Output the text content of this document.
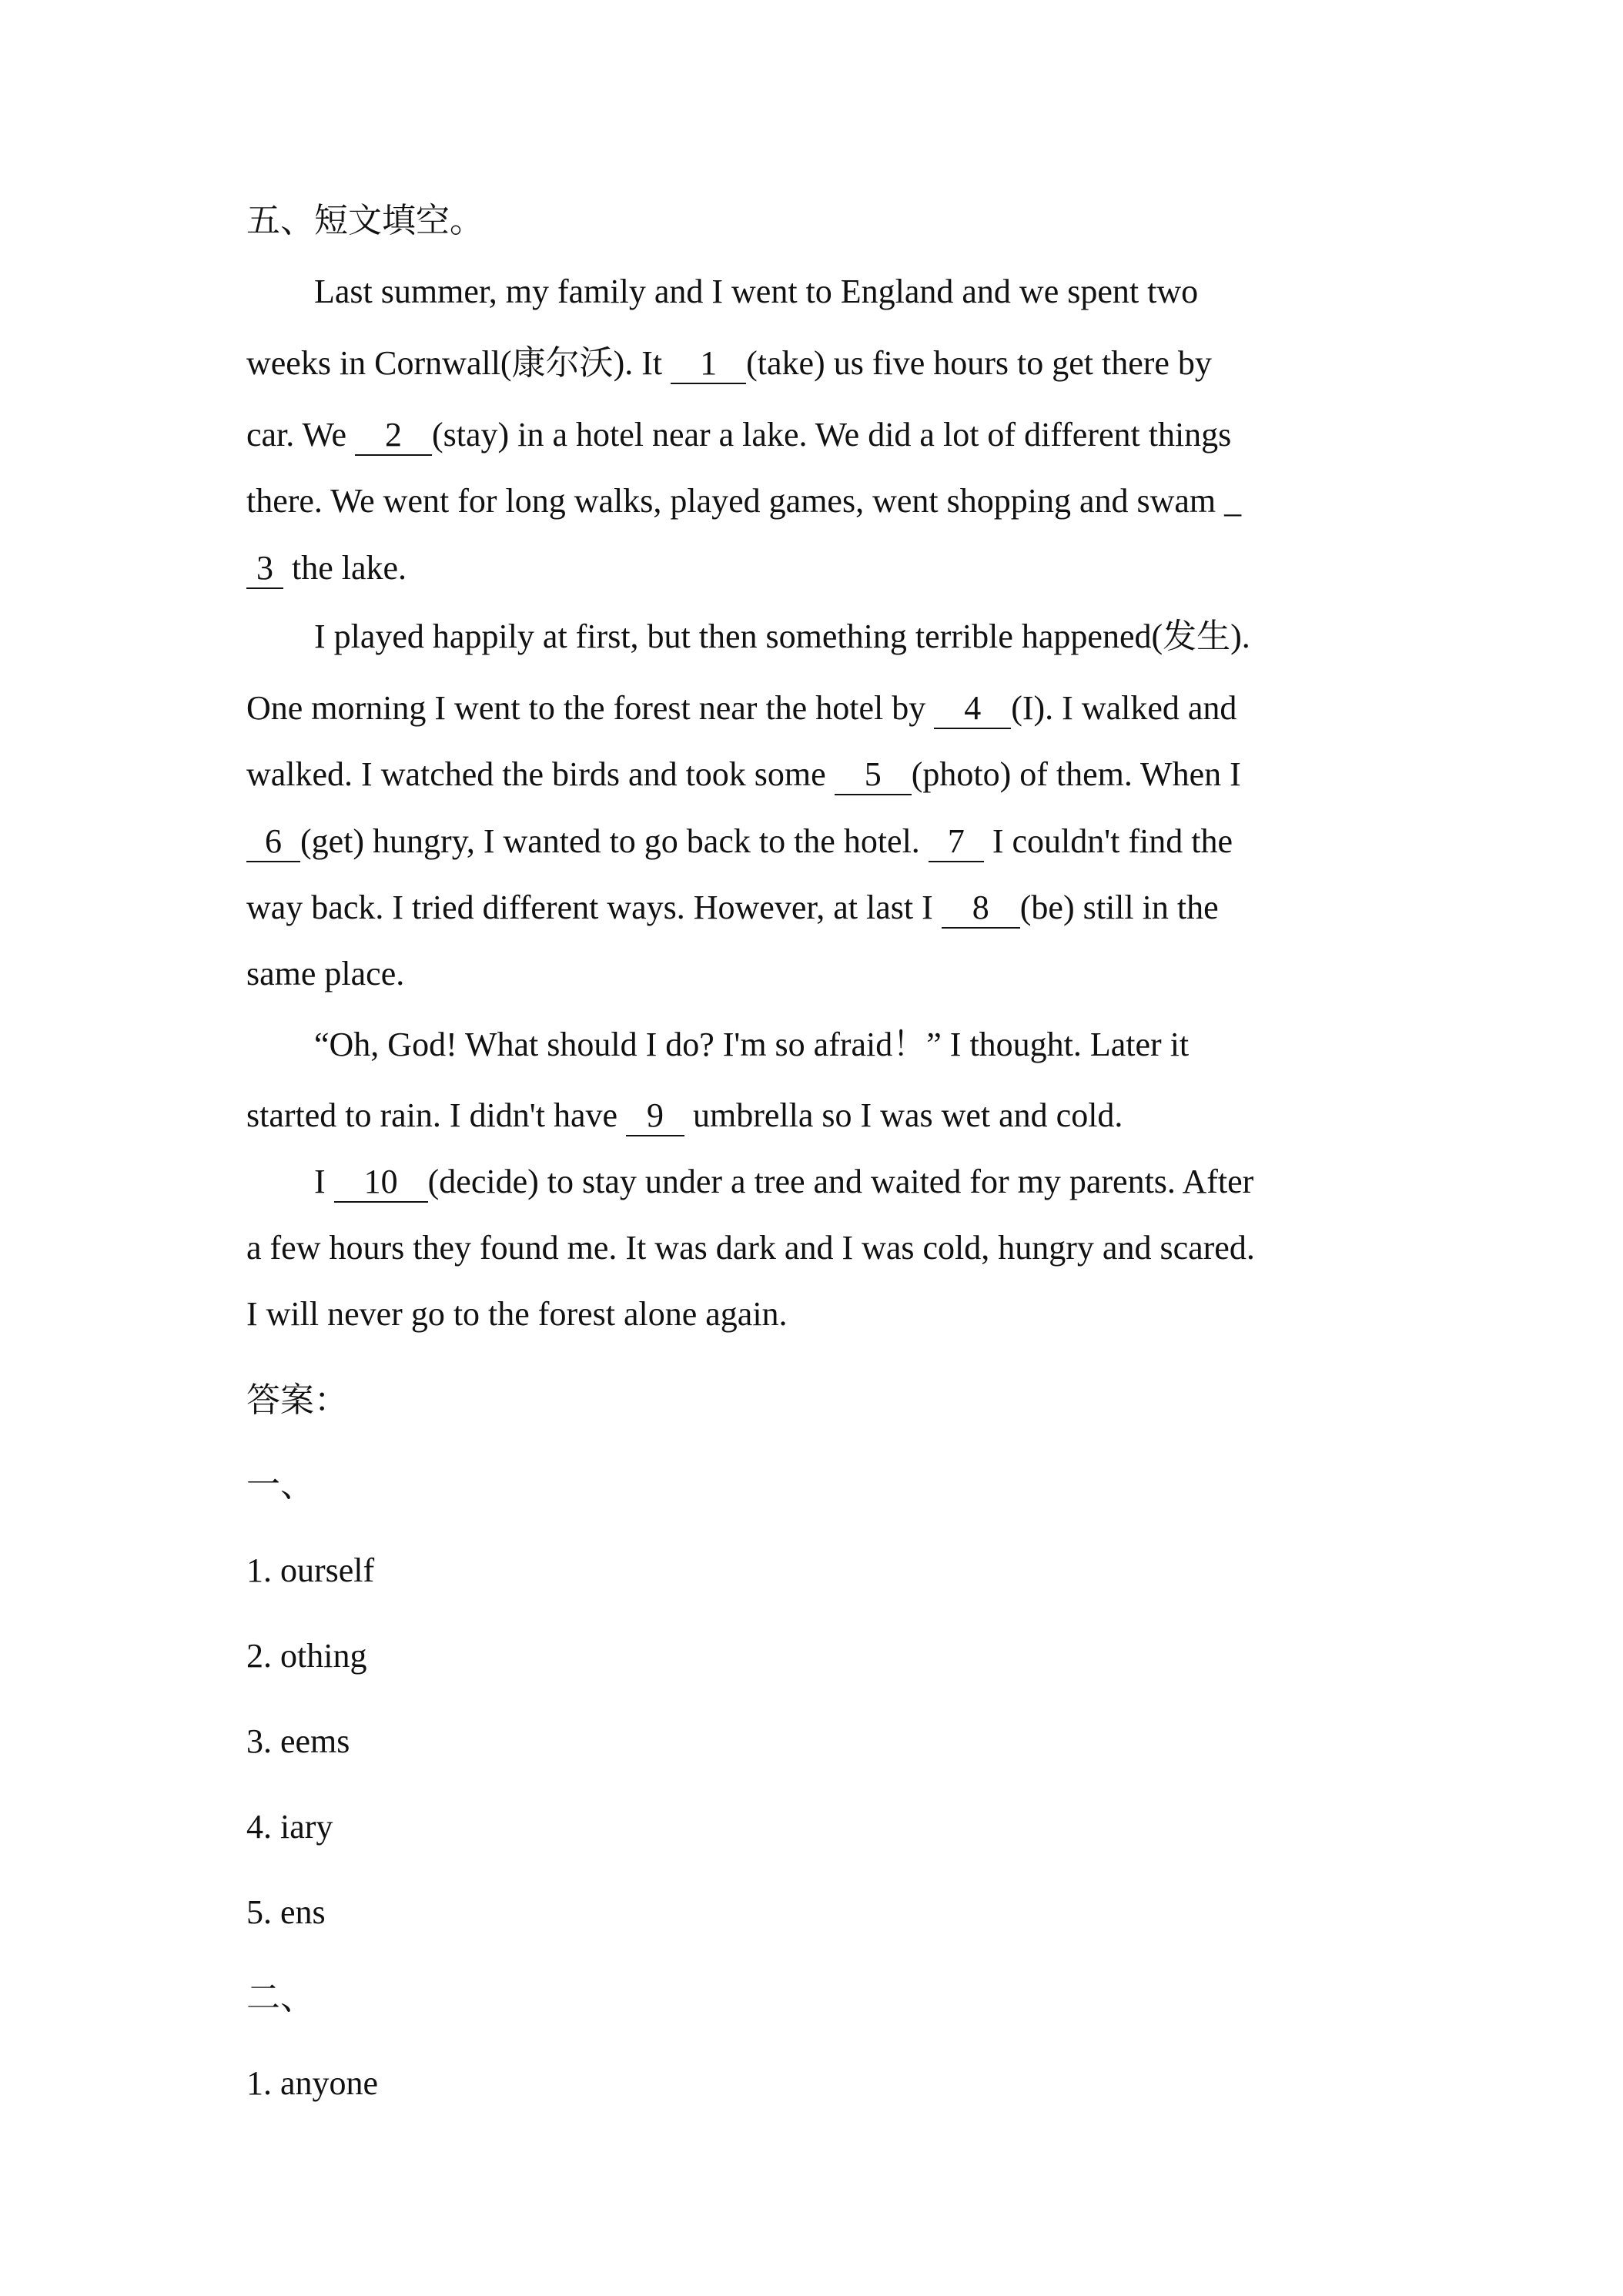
五、短文填空。

Last summer, my family and I went to England and we spent two

weeks in Cornwall(康尔沃). It 1 (take) us five hours to get there by

car. We 2 (stay) in a hotel near a lake. We did a lot of different things

there. We went for long walks, played games, went shopping and swam _

3 the lake.

I played happily at first, but then something terrible happened(发生).

One morning I went to the forest near the hotel by 4 (I). I walked and

walked. I watched the birds and took some 5 (photo) of them. When I

6 (get) hungry, I wanted to go back to the hotel. 7 I couldn't find the

way back. I tried different ways. However, at last I 8 (be) still in the

same place.

“Oh, God! What should I do? I'm so afraid！” I thought. Later it

started to rain. I didn't have 9 umbrella so I was wet and cold.

I 10 (decide) to stay under a tree and waited for my parents. After

a few hours they found me. It was dark and I was cold, hungry and scared.

I will never go to the forest alone again.

答案：

一、

1. ourself

2. othing

3. eems

4. iary

5. ens

二、

1. anyone
